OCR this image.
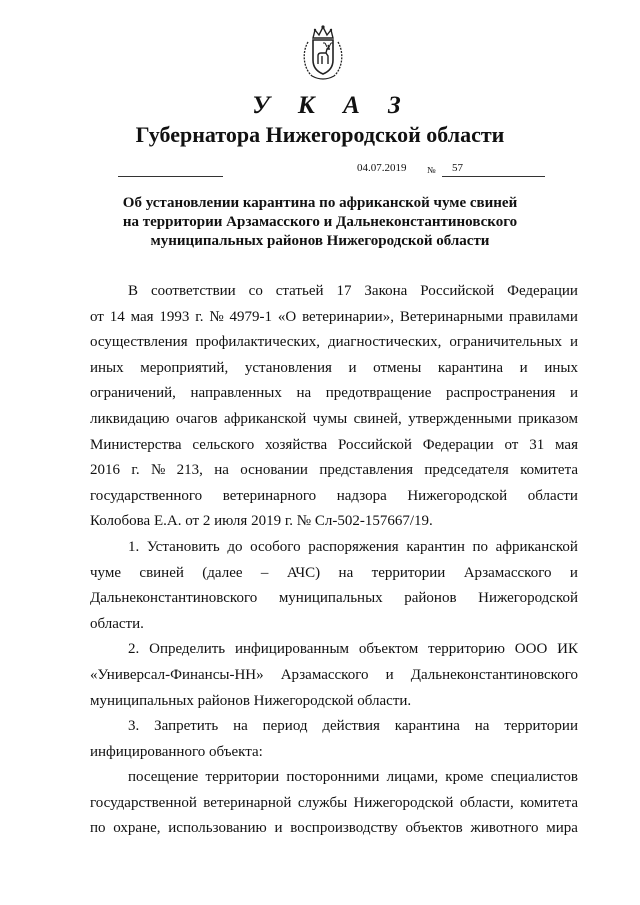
У К А З
Губернатора Нижегородской области
04.07.2019 № 57
Об установлении карантина по африканской чуме свиней
на территории Арзамасского и Дальнеконстантиновского
муниципальных районов Нижегородской области
В соответствии со статьей 17 Закона Российской Федерации
от 14 мая 1993 г. № 4979-1 «О ветеринарии», Ветеринарными правилами
осуществления профилактических, диагностических, ограничительных и
иных мероприятий, установления и отмены карантина и иных
ограничений, направленных на предотвращение распространения и
ликвидацию очагов африканской чумы свиней, утвержденными приказом
Министерства сельского хозяйства Российской Федерации от 31 мая
2016 г. № 213, на основании представления председателя комитета
государственного ветеринарного надзора Нижегородской области
Колобова Е.А. от 2 июля 2019 г. № Сл-502-157667/19.
1. Установить до особого распоряжения карантин по африканской
чуме свиней (далее – АЧС) на территории Арзамасского и
Дальнеконстантиновского муниципальных районов Нижегородской
области.
2. Определить инфицированным объектом территорию ООО ИК
«Универсал-Финансы-НН» Арзамасского и Дальнеконстантиновского
муниципальных районов Нижегородской области.
3. Запретить на период действия карантина на территории
инфицированного объекта:
посещение территории посторонними лицами, кроме специалистов
государственной ветеринарной службы Нижегородской области, комитета
по охране, использованию и воспроизводству объектов животного мира
